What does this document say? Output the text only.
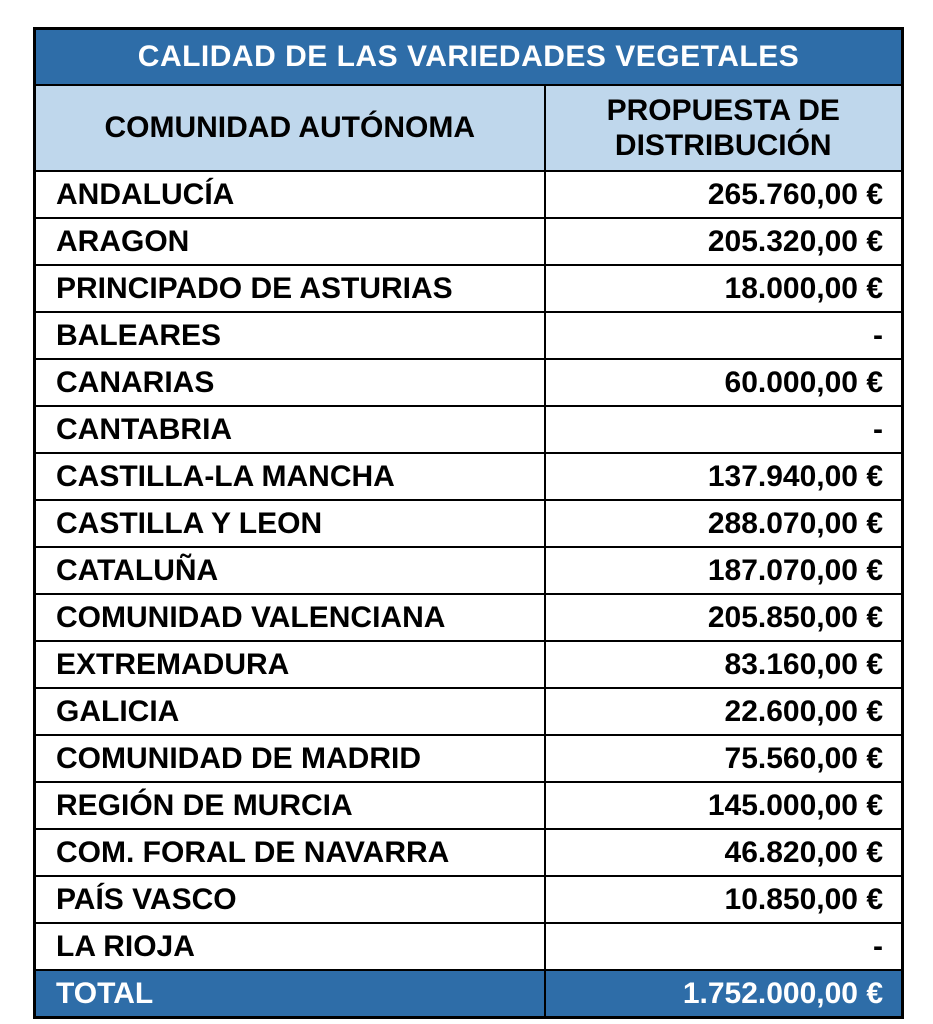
CALIDAD DE LAS VARIEDADES VEGETALES	
COMUNIDAD AUTÓNOMA	PROPUESTA DE DISTRIBUCIÓN
ANDALUCÍA	265.760,00 €
ARAGON	205.320,00 €
PRINCIPADO DE ASTURIAS	18.000,00 €
BALEARES	-
CANARIAS	60.000,00 €
CANTABRIA	-
CASTILLA-LA MANCHA	137.940,00 €
CASTILLA Y LEON	288.070,00 €
CATALUÑA	187.070,00 €
COMUNIDAD VALENCIANA	205.850,00 €
EXTREMADURA	83.160,00 €
GALICIA	22.600,00 €
COMUNIDAD DE MADRID	75.560,00 €
REGIÓN DE MURCIA	145.000,00 €
COM. FORAL DE NAVARRA	46.820,00 €
PAÍS VASCO	10.850,00 €
LA RIOJA	-
TOTAL	1.752.000,00 €
